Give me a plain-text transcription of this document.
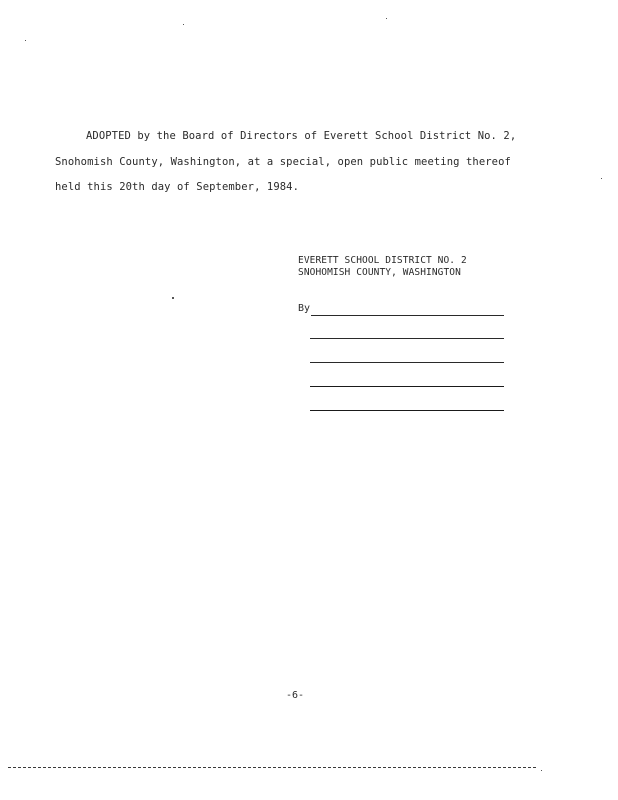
ADOPTED by the Board of Directors of Everett School District No. 2,
Snohomish County, Washington, at a special, open public meeting thereof
held this 20th day of September, 1984.
EVERETT SCHOOL DISTRICT NO. 2
SNOHOMISH COUNTY, WASHINGTON
By
-6-
